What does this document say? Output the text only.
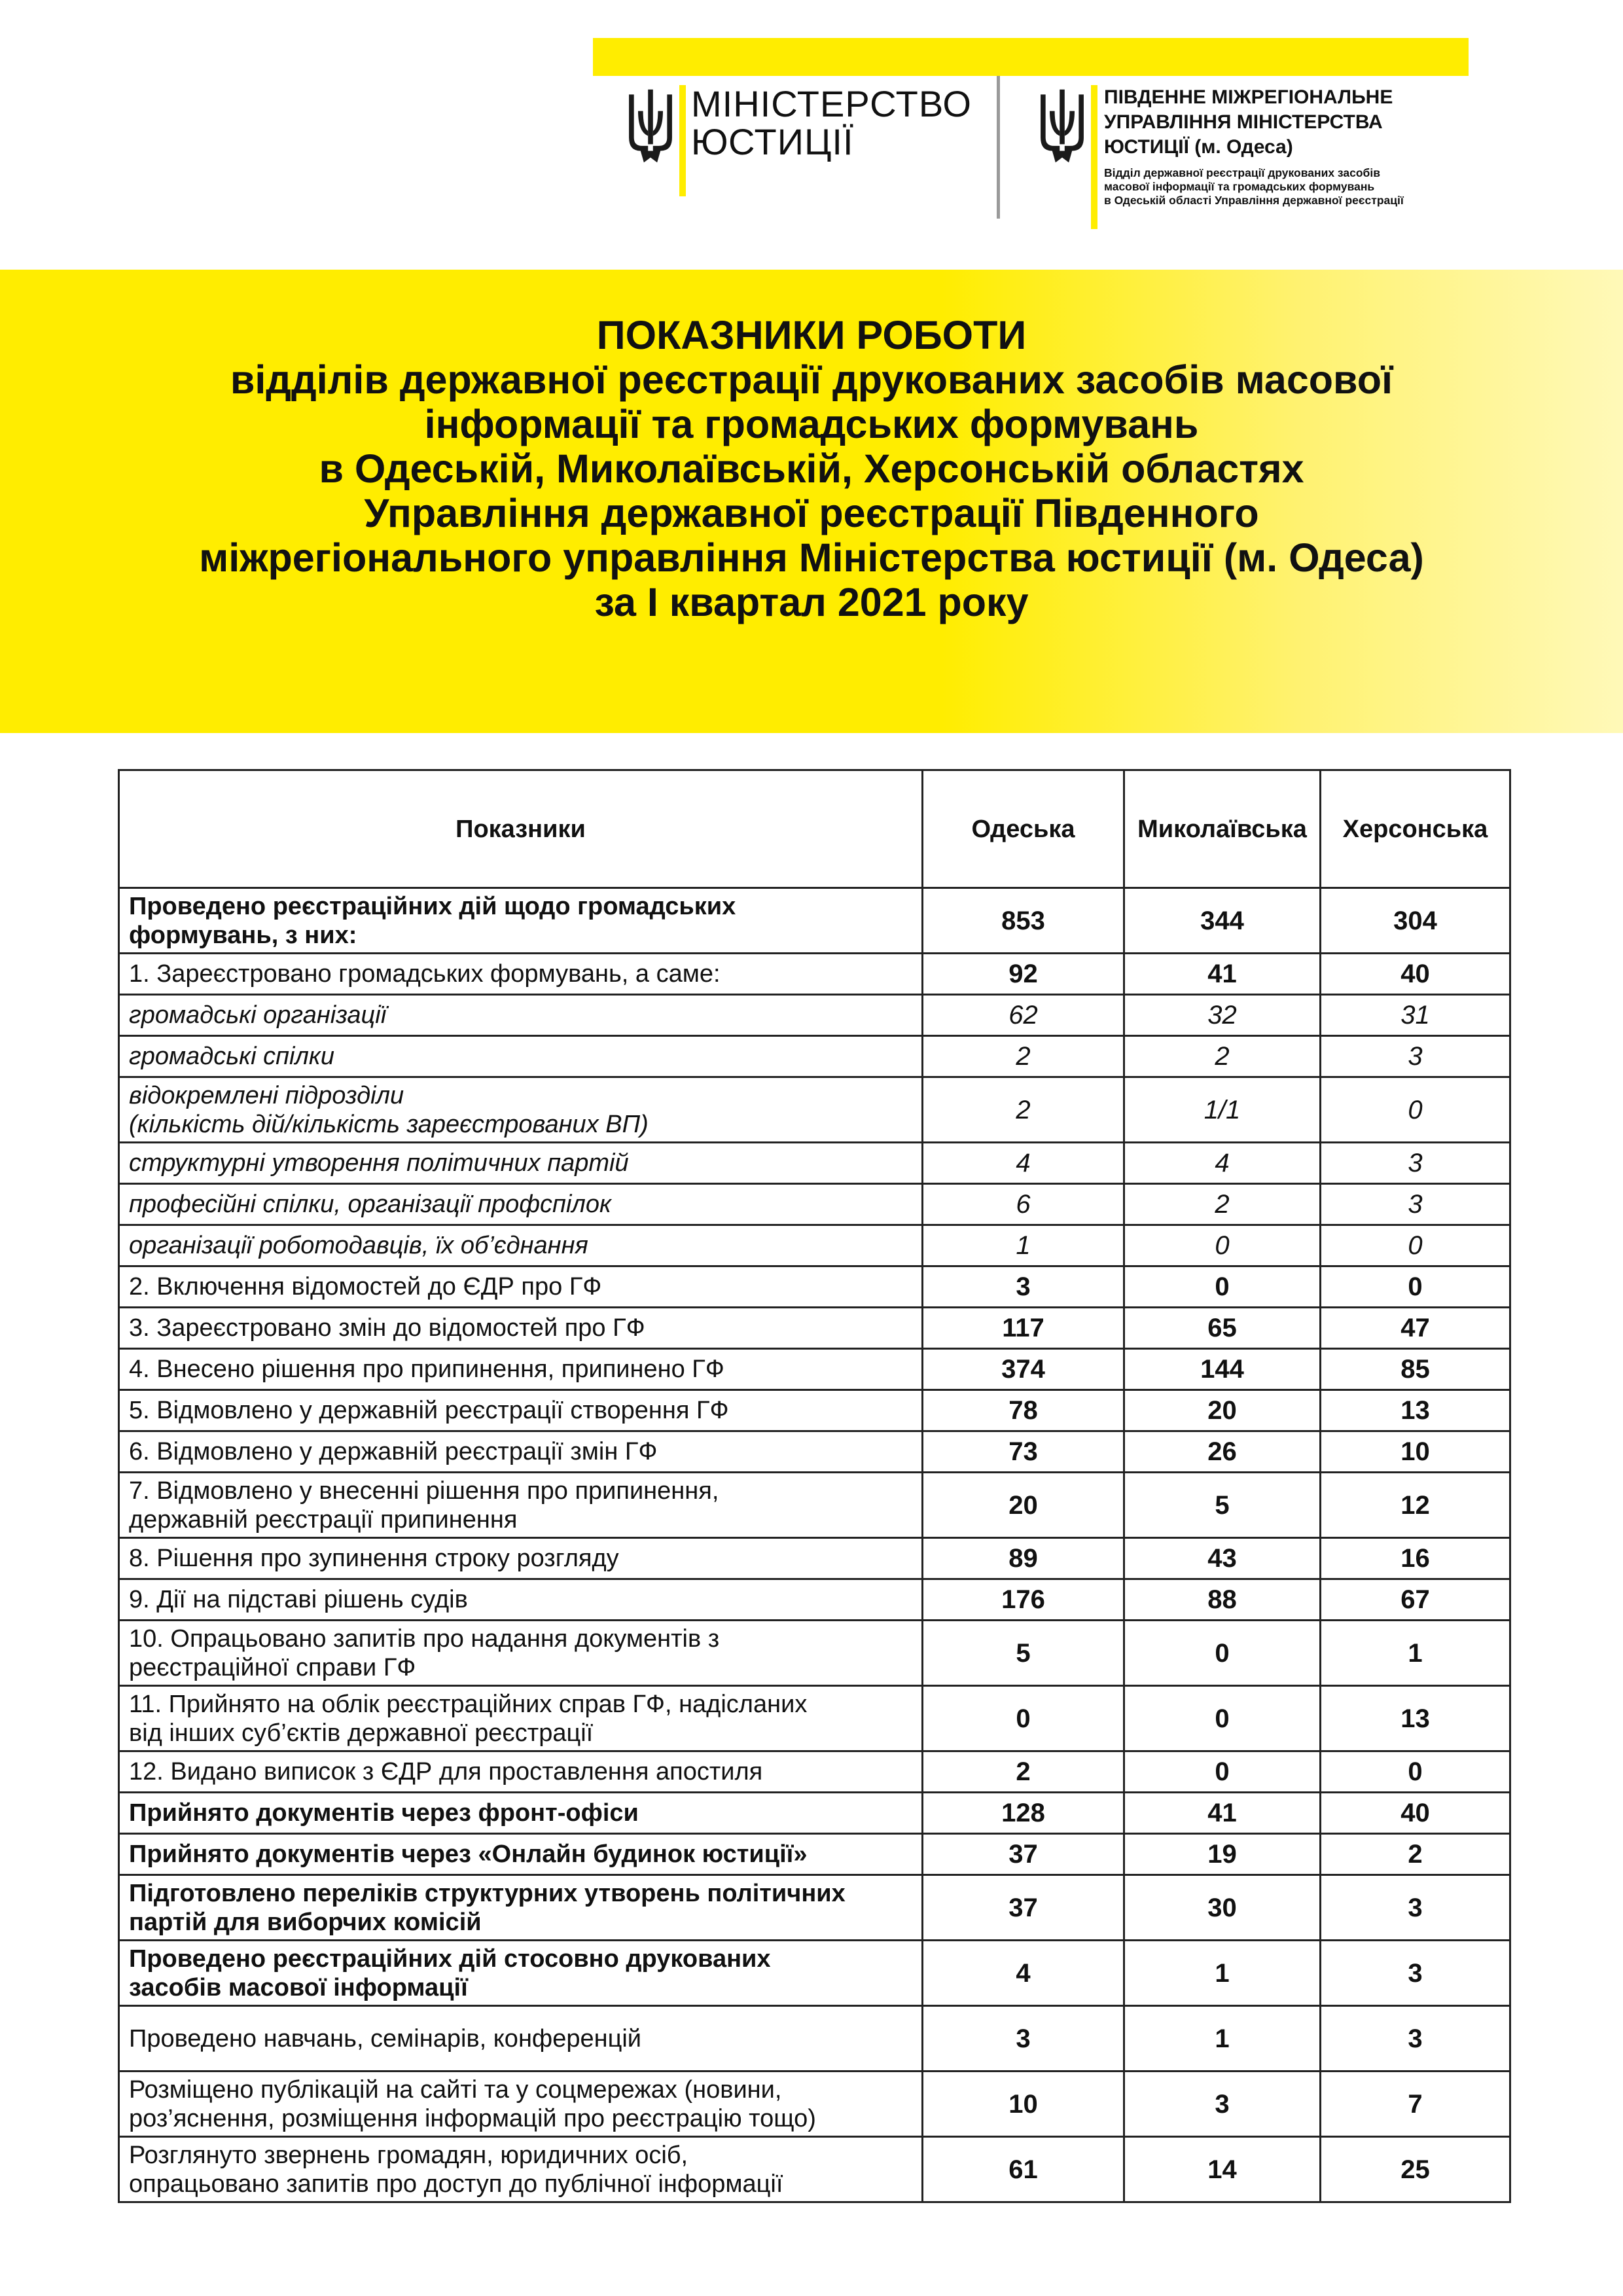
МІНІСТЕРСТВО
ЮСТИЦІЇ
ПІВДЕННЕ МІЖРЕГІОНАЛЬНЕ
УПРАВЛІННЯ МІНІСТЕРСТВА
ЮСТИЦІЇ (м. Одеса)
Відділ державної реєстрації друкованих засобів
масової інформації та громадських формувань
в Одеській області Управління державної реєстрації
ПОКАЗНИКИ РОБОТИ
відділів державної реєстрації друкованих засобів масової
інформації та громадських формувань
в Одеській, Миколаївській, Херсонській областях
Управління державної реєстрації Південного
міжрегіонального управління Міністерства юстиції (м. Одеса)
за І квартал 2021 року
Показники	Одеська	Миколаївська	Херсонська

Проведено реєстраційних дій щодо громадських
формувань, з них:	853	344	304
1. Зареєстровано громадських формувань, а саме:	92	41	40
громадські організації	62	32	31
громадські спілки	2	2	3

відокремлені підрозділи
(кількість дій/кількість зареєстрованих ВП)	2	1/1	0
структурні утворення політичних партій	4	4	3
професійні спілки, організації профспілок	6	2	3
організації роботодавців, їх об’єднання	1	0	0
2. Включення відомостей до ЄДР про ГФ	3	0	0
3. Зареєстровано змін до відомостей про ГФ	117	65	47
4. Внесено рішення про припинення, припинено ГФ	374	144	85
5. Відмовлено у державній реєстрації створення ГФ	78	20	13
6. Відмовлено у державній реєстрації змін ГФ	73	26	10

7. Відмовлено у внесенні рішення про припинення,
державній реєстрації припинення	20	5	12
8. Рішення про зупинення строку розгляду	89	43	16
9. Дії на підставі рішень судів	176	88	67

10. Опрацьовано запитів про надання документів з
реєстраційної справи ГФ	5	0	1

11. Прийнято на облік реєстраційних справ ГФ, надісланих
від інших суб’єктів державної реєстрації	0	0	13
12. Видано виписок з ЄДР для проставлення апостиля	2	0	0
Прийнято документів через фронт-офіси	128	41	40
Прийнято документів через «Онлайн будинок юстиції»	37	19	2

Підготовлено переліків структурних утворень політичних
партій для виборчих комісій	37	30	3

Проведено реєстраційних дій стосовно друкованих
засобів масової інформації	4	1	3
Проведено навчань, семінарів, конференцій	3	1	3

Розміщено публікацій на сайті та у соцмережах (новини,
роз’яснення, розміщення інформацій про реєстрацію тощо)	10	3	7

Розглянуто звернень громадян, юридичних осіб,
опрацьовано запитів про доступ до публічної інформації	61	14	25
